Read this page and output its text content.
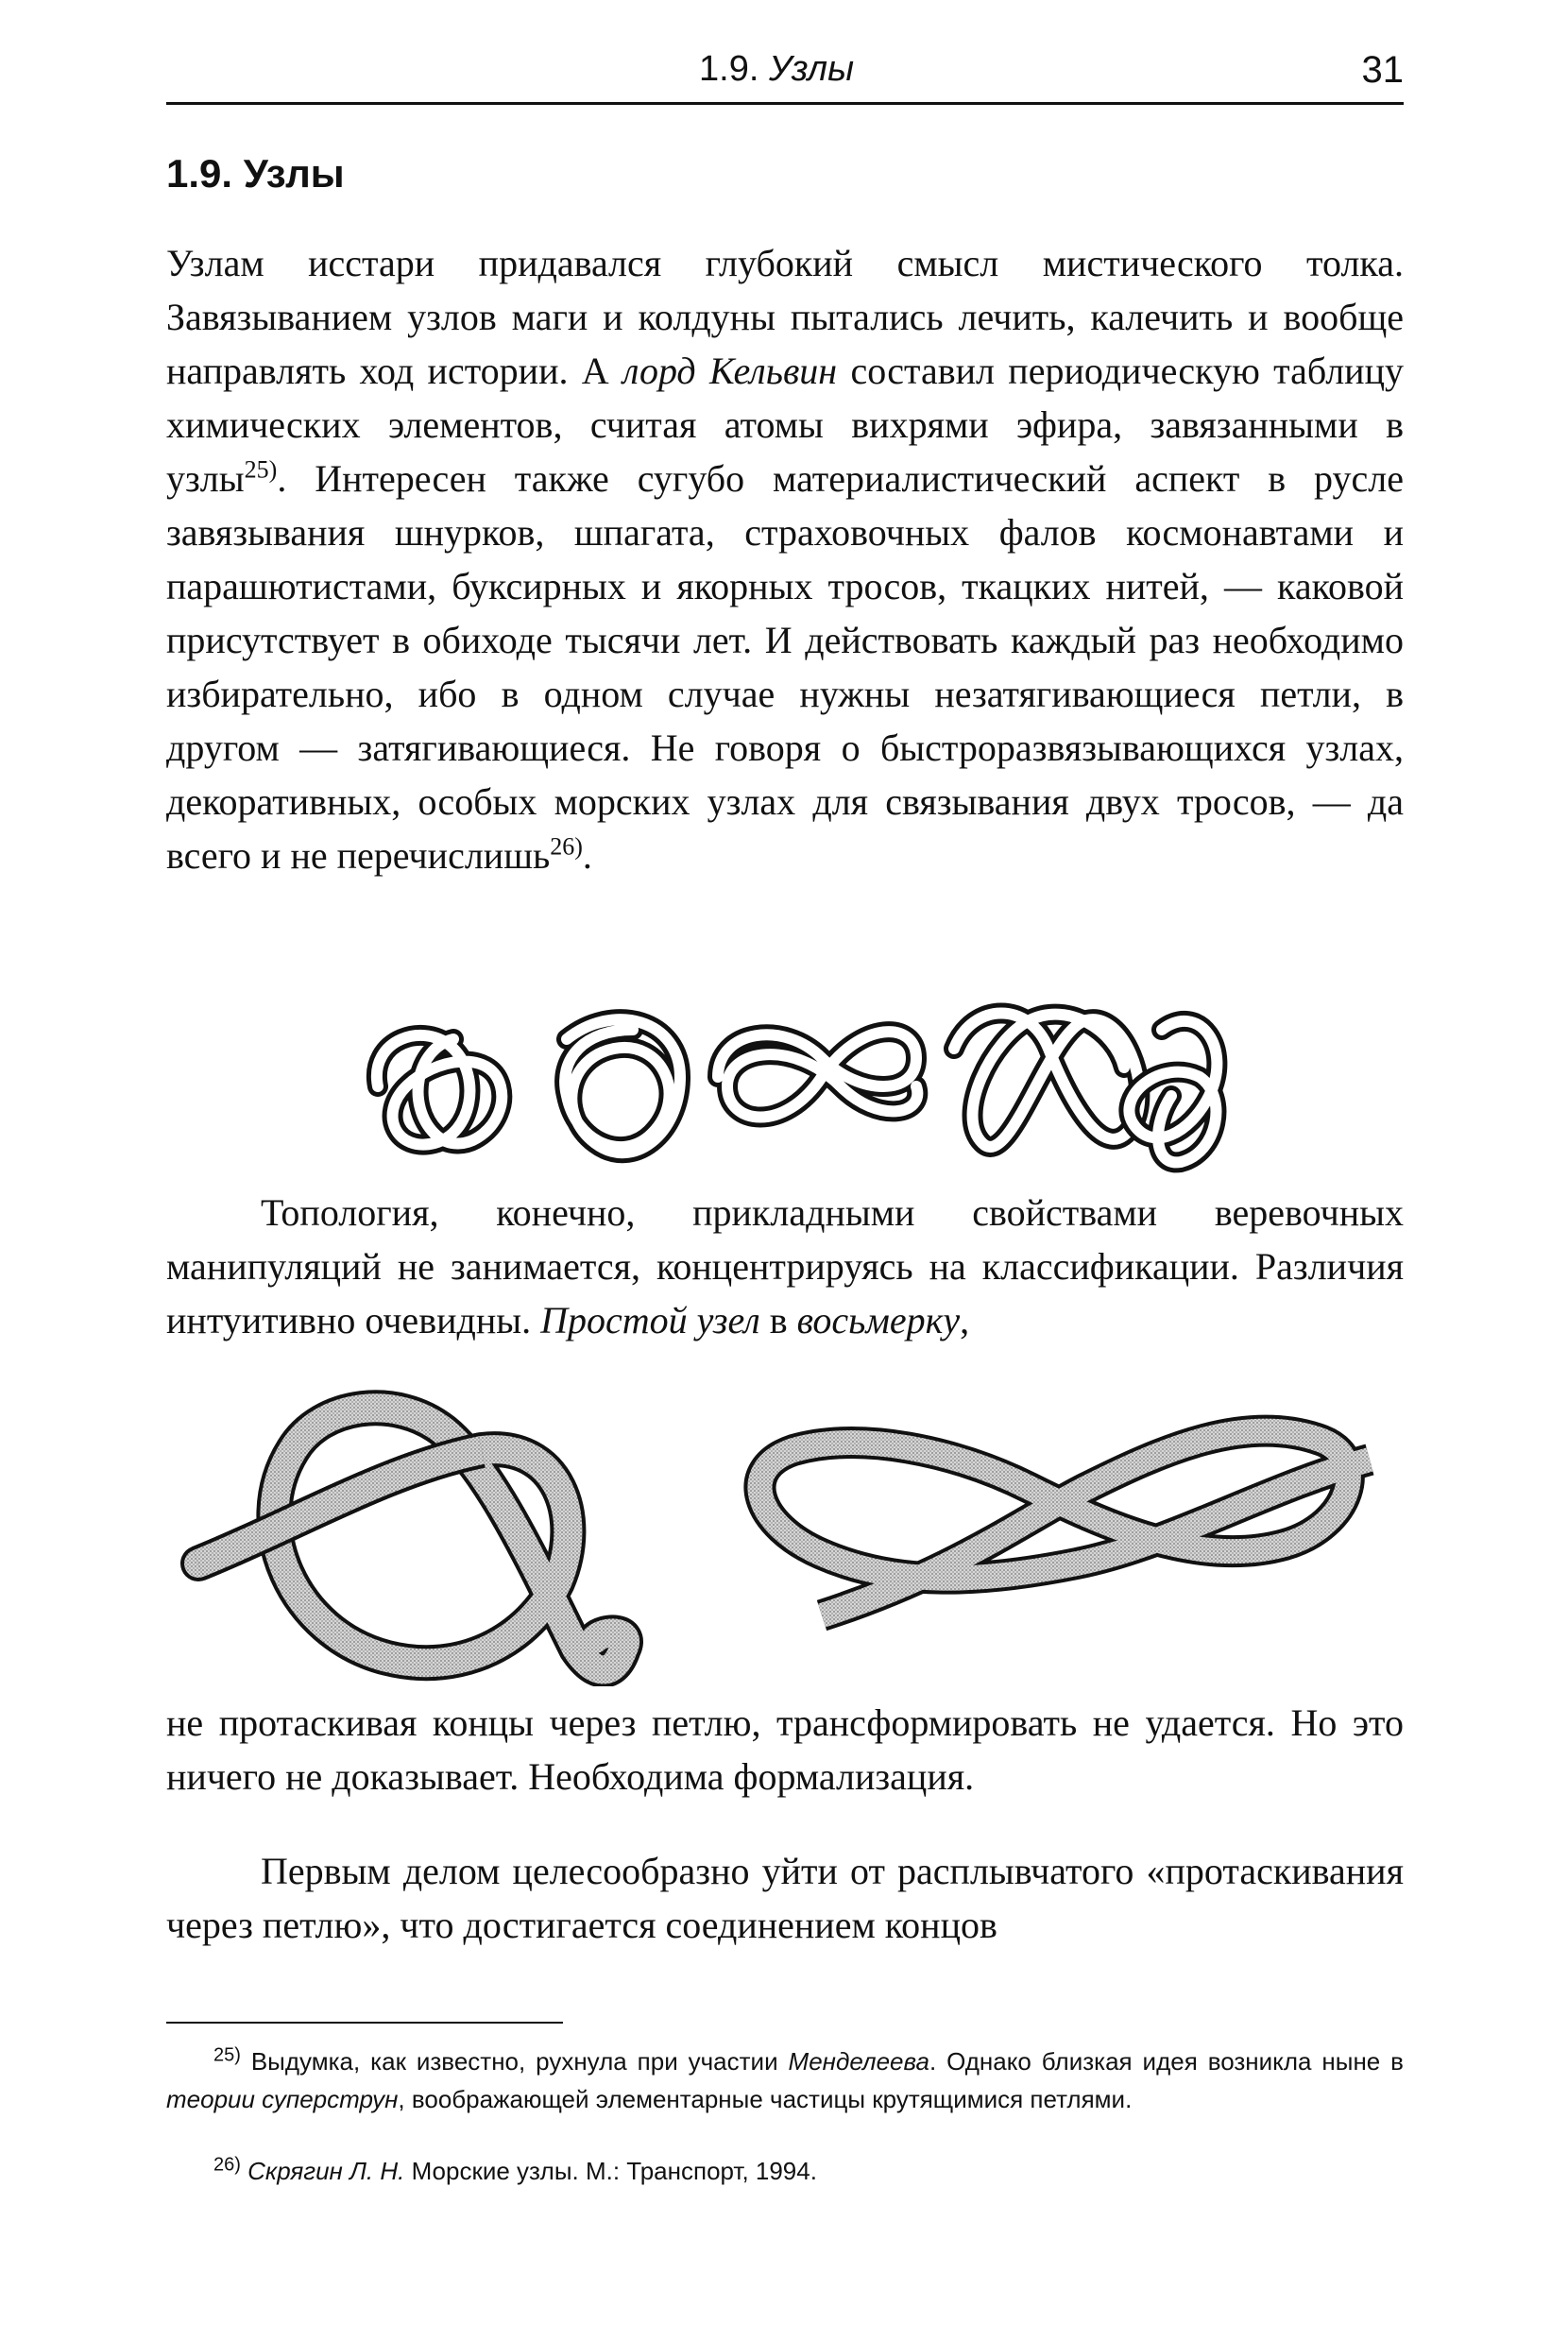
1.9. Узлы	31
1.9. Узлы
Узлам исстари придавался глубокий смысл мистического толка. Завязыванием узлов маги и колдуны пытались лечить, калечить и вообще направлять ход истории. А лорд Кельвин составил периодическую таблицу химических элементов, считая атомы вихрями эфира, завязанными в узлы$^{25)}$. Интересен также сугубо материалистический аспект в русле завязывания шнурков, шпагата, страховочных фалов космонавтами и парашютистами, буксирных и якорных тросов, ткацких нитей, — каковой присутствует в обиходе тысячи лет. И действовать каждый раз необходимо избирательно, ибо в одном случае нужны незатягивающиеся петли, в другом — затягивающиеся. Не говоря о быстроразвязывающихся узлах, декоративных, особых морских узлах для связывания двух тросов, — да всего и не перечислишь$^{26)}$.
Топология, конечно, прикладными свойствами веревочных манипуляций не занимается, концентрируясь на классификации. Различия интуитивно очевидны. Простой узел в восьмерку,
не протаскивая концы через петлю, трансформировать не удается. Но это ничего не доказывает. Необходима формализация.
Первым делом целесообразно уйти от расплывчатого «протаскивания через петлю», что достигается соединением концов
$^{25)}$ Выдумка, как известно, рухнула при участии Менделеева. Однако близкая идея возникла ныне в теории суперструн, воображающей элементарные частицы крутящимися петлями.
$^{26)}$ Скрягин Л. Н. Морские узлы. М.: Транспорт, 1994.
